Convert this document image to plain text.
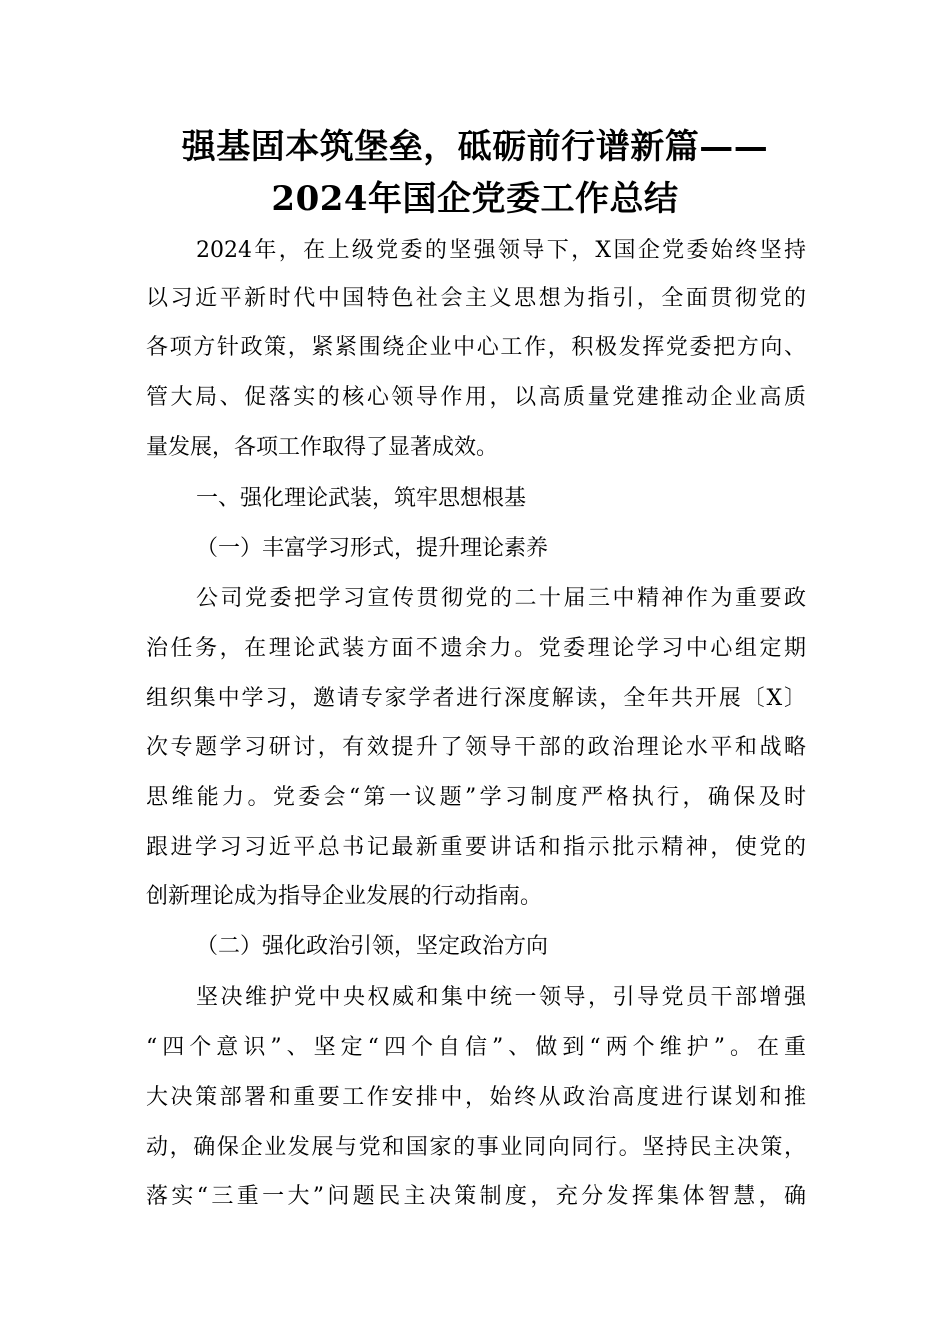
强基固本筑堡垒，砥砺前行谱新篇——
2024年国企党委工作总结
2024年，在上级党委的坚强领导下，X国企党委始终坚持
以习近平新时代中国特色社会主义思想为指引，全面贯彻党的
各项方针政策，紧紧围绕企业中心工作，积极发挥党委把方向、
管大局、促落实的核心领导作用，以高质量党建推动企业高质
量发展，各项工作取得了显著成效。
一、强化理论武装，筑牢思想根基
（一）丰富学习形式，提升理论素养
公司党委把学习宣传贯彻党的二十届三中精神作为重要政
治任务，在理论武装方面不遗余力。党委理论学习中心组定期
组织集中学习，邀请专家学者进行深度解读，全年共开展〔X〕
次专题学习研讨，有效提升了领导干部的政治理论水平和战略
思维能力。党委会“第一议题”学习制度严格执行，确保及时
跟进学习习近平总书记最新重要讲话和指示批示精神，使党的
创新理论成为指导企业发展的行动指南。
（二）强化政治引领，坚定政治方向
坚决维护党中央权威和集中统一领导，引导党员干部增强
“四个意识”、坚定“四个自信”、做到“两个维护”。在重
大决策部署和重要工作安排中，始终从政治高度进行谋划和推
动，确保企业发展与党和国家的事业同向同行。坚持民主决策，
落实“三重一大”问题民主决策制度，充分发挥集体智慧，确
